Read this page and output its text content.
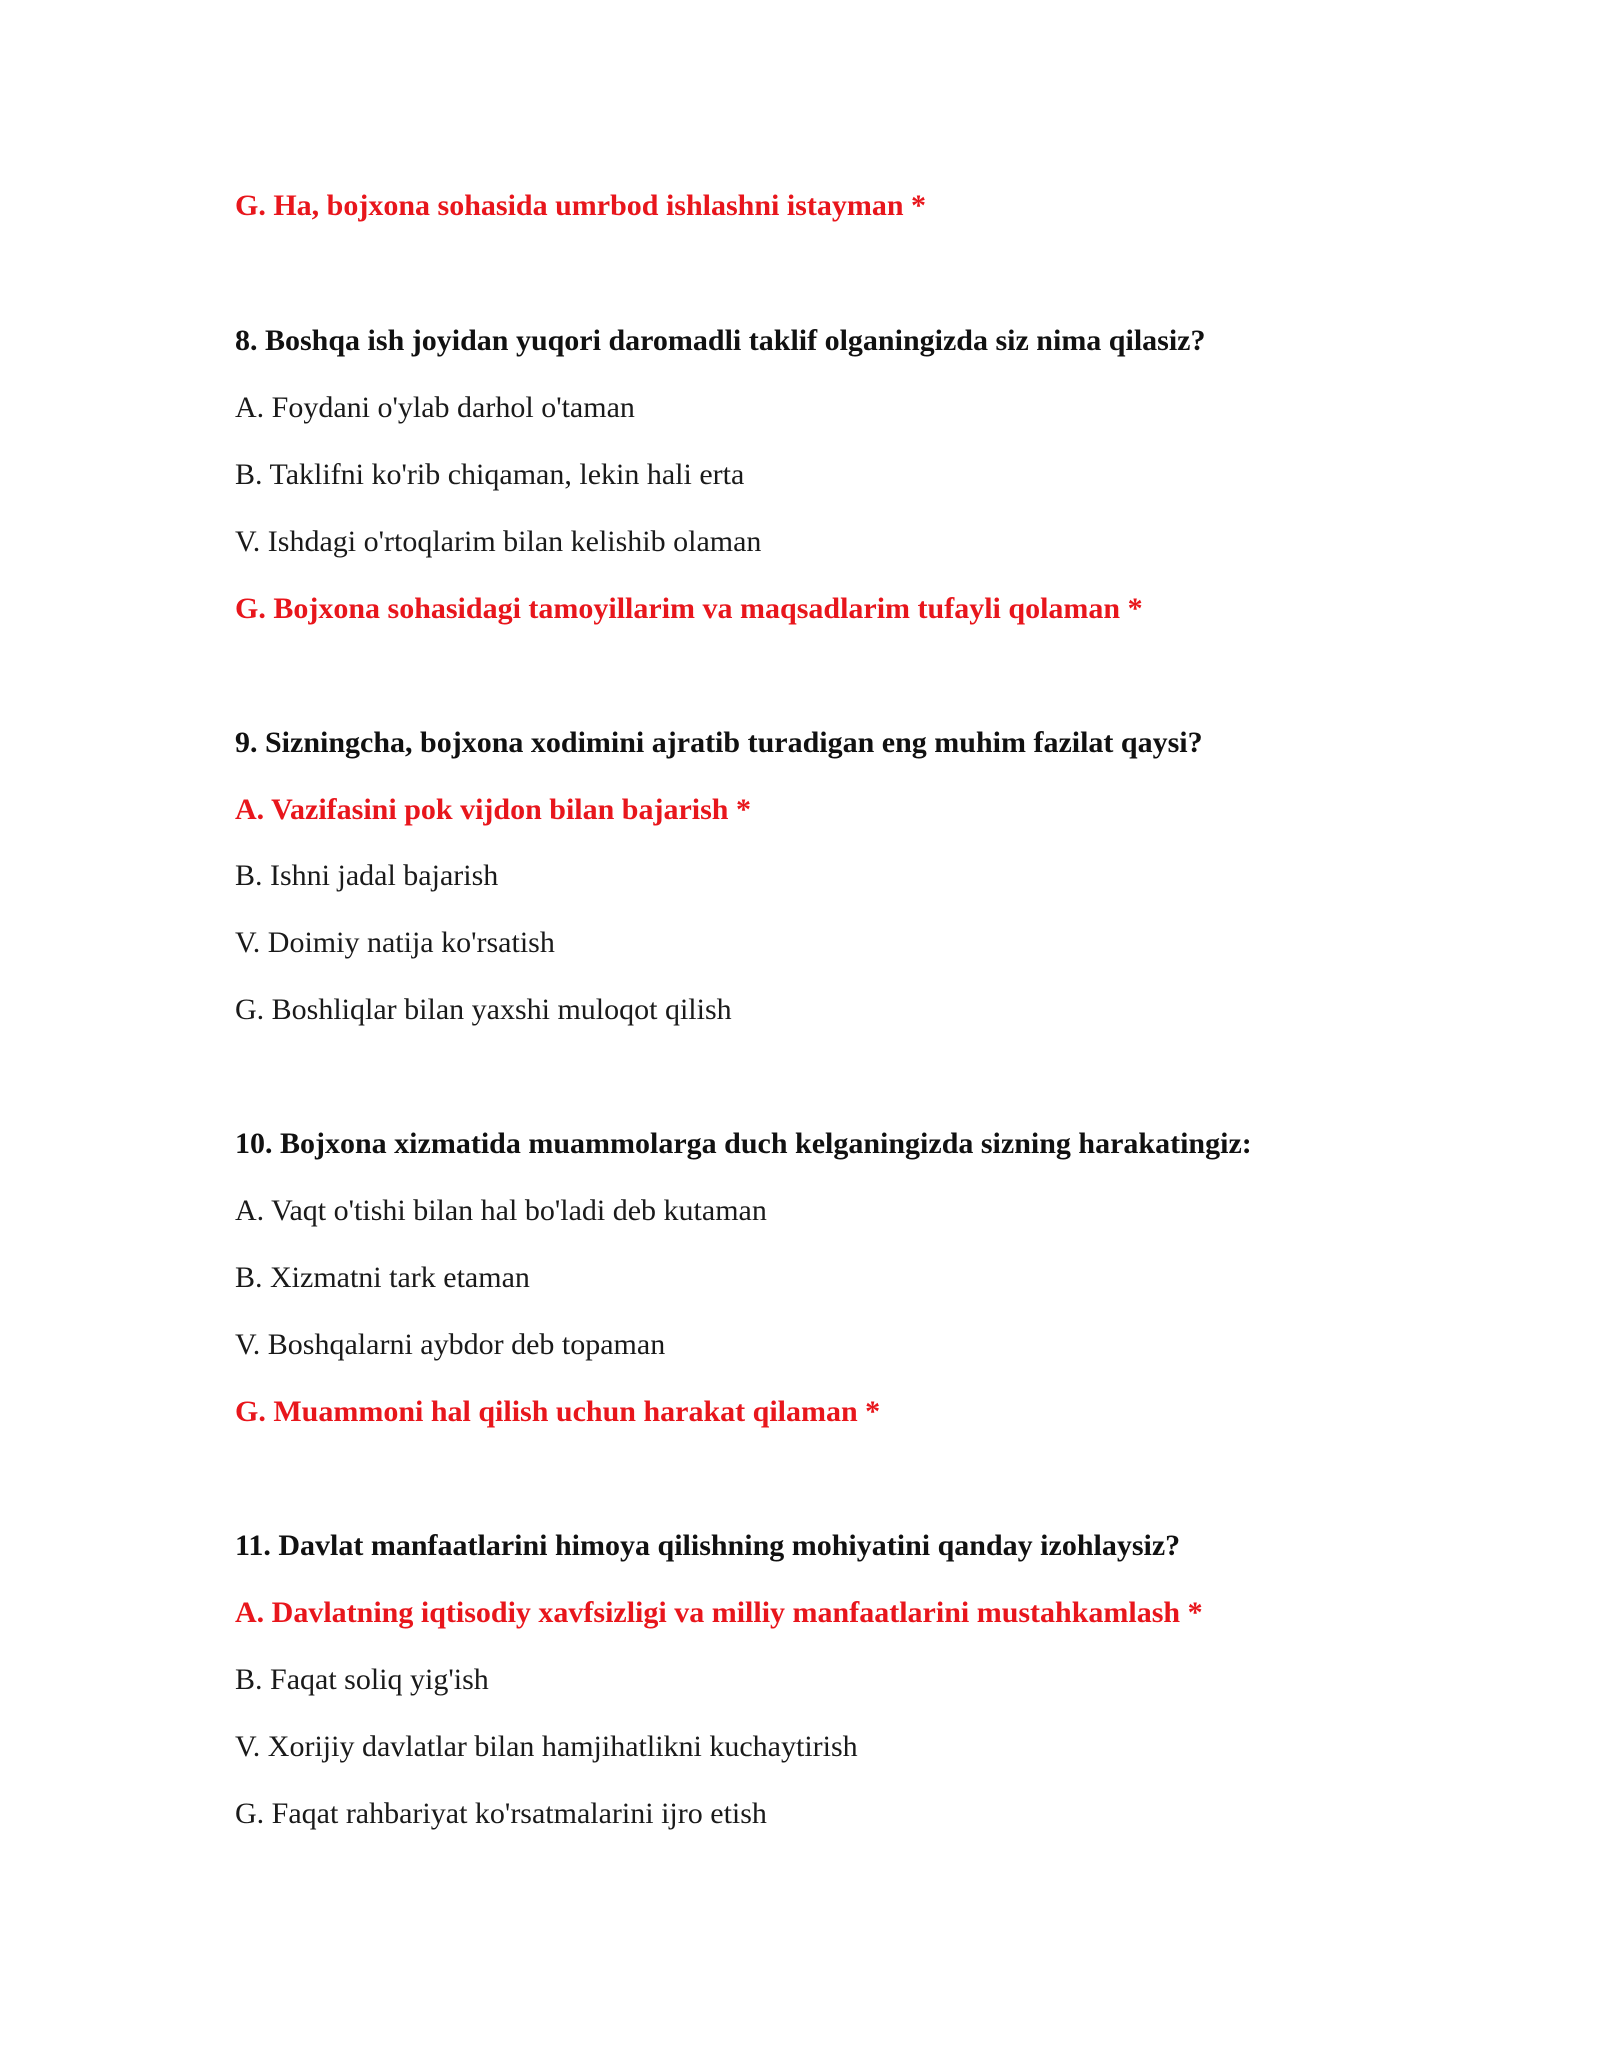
G. Ha, bojxona sohasida umrbod ishlashni istayman *
8. Boshqa ish joyidan yuqori daromadli taklif olganingizda siz nima qilasiz?
A. Foydani o'ylab darhol o'taman
B. Taklifni ko'rib chiqaman, lekin hali erta
V. Ishdagi o'rtoqlarim bilan kelishib olaman
G. Bojxona sohasidagi tamoyillarim va maqsadlarim tufayli qolaman *
9. Sizningcha, bojxona xodimini ajratib turadigan eng muhim fazilat qaysi?
A. Vazifasini pok vijdon bilan bajarish *
B. Ishni jadal bajarish
V. Doimiy natija ko'rsatish
G. Boshliqlar bilan yaxshi muloqot qilish
10. Bojxona xizmatida muammolarga duch kelganingizda sizning harakatingiz:
A. Vaqt o'tishi bilan hal bo'ladi deb kutaman
B. Xizmatni tark etaman
V. Boshqalarni aybdor deb topaman
G. Muammoni hal qilish uchun harakat qilaman *
11. Davlat manfaatlarini himoya qilishning mohiyatini qanday izohlaysiz?
A. Davlatning iqtisodiy xavfsizligi va milliy manfaatlarini mustahkamlash *
B. Faqat soliq yig'ish
V. Xorijiy davlatlar bilan hamjihatlikni kuchaytirish
G. Faqat rahbariyat ko'rsatmalarini ijro etish
